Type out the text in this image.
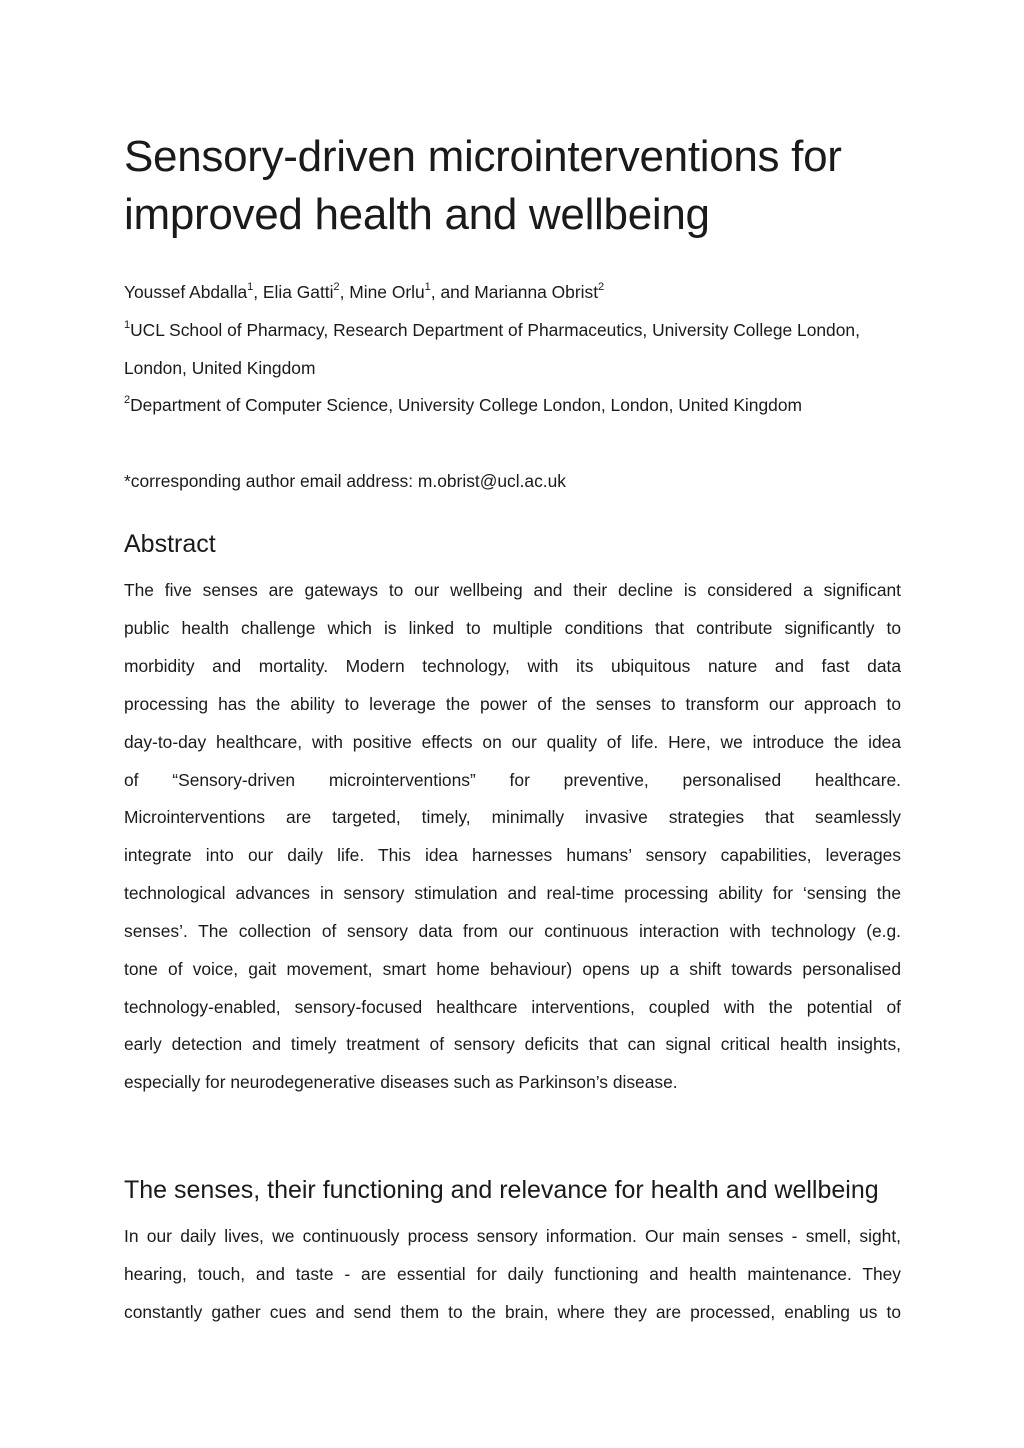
Sensory-driven microinterventions for
improved health and wellbeing
Youssef Abdalla$^1$, Elia Gatti$^2$, Mine Orlu$^1$, and Marianna Obrist$^2$
$^1$UCL School of Pharmacy, Research Department of Pharmaceutics, University College London,
London, United Kingdom
$^2$Department of Computer Science, University College London, London, United Kingdom
*corresponding author email address: m.obrist@ucl.ac.uk
Abstract
The five senses are gateways to our wellbeing and their decline is considered a significant
public health challenge which is linked to multiple conditions that contribute significantly to
morbidity and mortality. Modern technology, with its ubiquitous nature and fast data
processing has the ability to leverage the power of the senses to transform our approach to
day-to-day healthcare, with positive effects on our quality of life. Here, we introduce the idea
of “Sensory-driven microinterventions” for preventive, personalised healthcare.
Microinterventions are targeted, timely, minimally invasive strategies that seamlessly
integrate into our daily life. This idea harnesses humans’ sensory capabilities, leverages
technological advances in sensory stimulation and real-time processing ability for ‘sensing the
senses’. The collection of sensory data from our continuous interaction with technology (e.g.
tone of voice, gait movement, smart home behaviour) opens up a shift towards personalised
technology-enabled, sensory-focused healthcare interventions, coupled with the potential of
early detection and timely treatment of sensory deficits that can signal critical health insights,
especially for neurodegenerative diseases such as Parkinson’s disease.
The senses, their functioning and relevance for health and wellbeing
In our daily lives, we continuously process sensory information. Our main senses - smell, sight,
hearing, touch, and taste - are essential for daily functioning and health maintenance. They
constantly gather cues and send them to the brain, where they are processed, enabling us to
